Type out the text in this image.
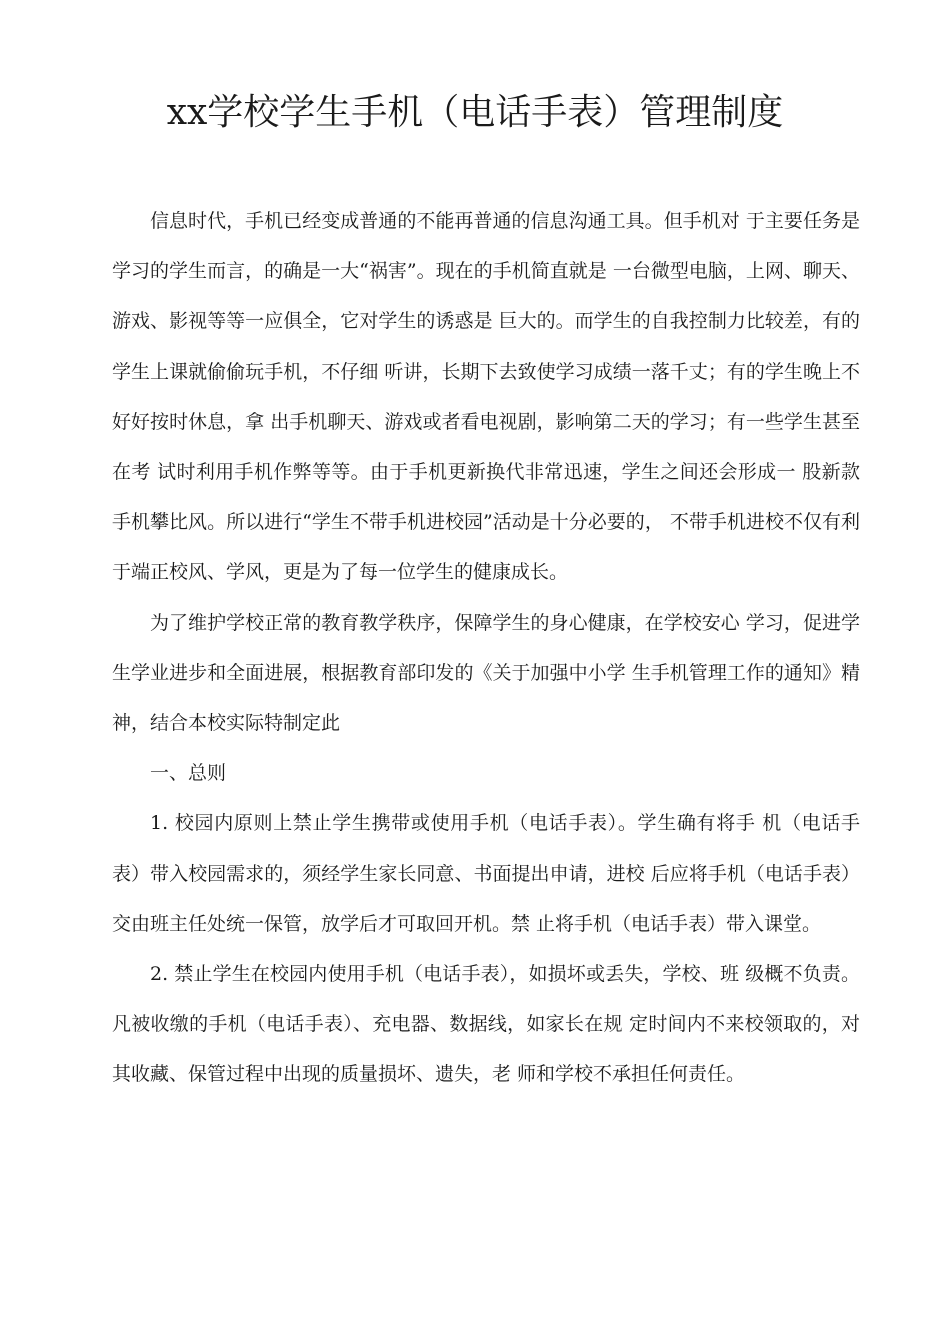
xx学校学生手机（电话手表）管理制度

信息时代，手机已经变成普通的不能再普通的信息沟通工具。但手机对 于主要任务是学习的学生而言，的确是一大“祸害”。现在的手机简直就是 一台微型电脑，上网、聊天、游戏、影视等等一应俱全，它对学生的诱惑是 巨大的。而学生的自我控制力比较差，有的学生上课就偷偷玩手机，不仔细 听讲，长期下去致使学习成绩一落千丈；有的学生晚上不好好按时休息，拿 出手机聊天、游戏或者看电视剧，影响第二天的学习；有一些学生甚至在考 试时利用手机作弊等等。由于手机更新换代非常迅速，学生之间还会形成一 股新款手机攀比风。所以进行“学生不带手机进校园”活动是十分必要的， 不带手机进校不仅有利于端正校风、学风，更是为了每一位学生的健康成长。

为了维护学校正常的教育教学秩序，保障学生的身心健康，在学校安心 学习，促进学生学业进步和全面进展，根据教育部印发的《关于加强中小学 生手机管理工作的通知》精神，结合本校实际特制定此

一、总则

1. 校园内原则上禁止学生携带或使用手机（电话手表）。学生确有将手 机（电话手表）带入校园需求的，须经学生家长同意、书面提出申请，进校 后应将手机（电话手表）交由班主任处统一保管，放学后才可取回开机。禁 止将手机（电话手表）带入课堂。

2. 禁止学生在校园内使用手机（电话手表），如损坏或丢失，学校、班 级概不负责。凡被收缴的手机（电话手表）、充电器、数据线，如家长在规 定时间内不来校领取的，对其收藏、保管过程中出现的质量损坏、遗失，老 师和学校不承担任何责任。
